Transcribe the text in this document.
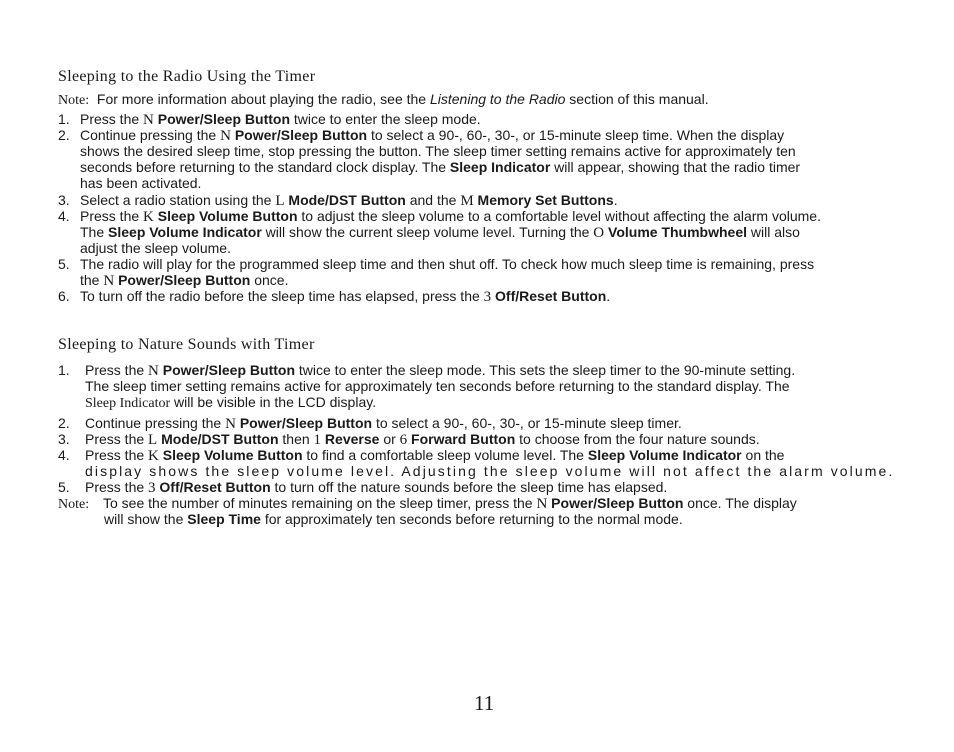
Sleeping to the Radio Using the Timer
Note: For more information about playing the radio, see the Listening to the Radio section of this manual.
1. Press the N Power/Sleep Button twice to enter the sleep mode.
2. Continue pressing the N Power/Sleep Button to select a 90-, 60-, 30-, or 15-minute sleep time. When the display
shows the desired sleep time, stop pressing the button. The sleep timer setting remains active for approximately ten
seconds before returning to the standard clock display. The Sleep Indicator will appear, showing that the radio timer
has been activated.
3. Select a radio station using the L Mode/DST Button and the M Memory Set Buttons.
4. Press the K Sleep Volume Button to adjust the sleep volume to a comfortable level without affecting the alarm volume.
The Sleep Volume Indicator will show the current sleep volume level. Turning the O Volume Thumbwheel will also
adjust the sleep volume.
5. The radio will play for the programmed sleep time and then shut off. To check how much sleep time is remaining, press
the N Power/Sleep Button once.
6. To turn off the radio before the sleep time has elapsed, press the 3 Off/Reset Button.
Sleeping to Nature Sounds with Timer
1. Press the N Power/Sleep Button twice to enter the sleep mode. This sets the sleep timer to the 90-minute setting.
The sleep timer setting remains active for approximately ten seconds before returning to the standard display. The
Sleep Indicator will be visible in the LCD display.
2. Continue pressing the N Power/Sleep Button to select a 90-, 60-, 30-, or 15-minute sleep timer.
3. Press the L Mode/DST Button then 1 Reverse or 6 Forward Button to choose from the four nature sounds.
4. Press the K Sleep Volume Button to find a comfortable sleep volume level. The Sleep Volume Indicator on the
display shows the sleep volume level. Adjusting the sleep volume will not affect the alarm volume.
5. Press the 3 Off/Reset Button to turn off the nature sounds before the sleep time has elapsed.
Note: To see the number of minutes remaining on the sleep timer, press the N Power/Sleep Button once. The display
will show the Sleep Time for approximately ten seconds before returning to the normal mode.
11
